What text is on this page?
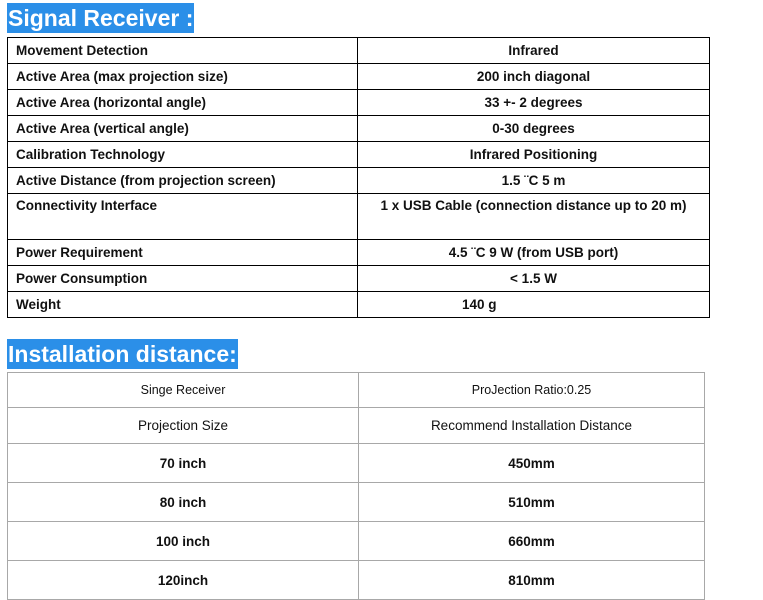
Signal Receiver :
Movement Detection	Infrared
Active Area (max projection size)	200 inch diagonal
Active Area (horizontal angle)	33 +- 2 degrees
Active Area (vertical angle)	0-30 degrees
Calibration Technology	Infrared Positioning
Active Distance (from projection screen)	1.5 ¨C 5 m
Connectivity Interface	1 x USB Cable (connection distance up to 20 m)
Power Requirement	4.5 ¨C 9 W (from USB port)
Power Consumption	< 1.5 W
Weight	140 g
Installation distance:
Singe Receiver	ProJection Ratio:0.25
Projection Size	Recommend Installation Distance
70 inch	450mm
80 inch	510mm
100 inch	660mm
120inch	810mm
